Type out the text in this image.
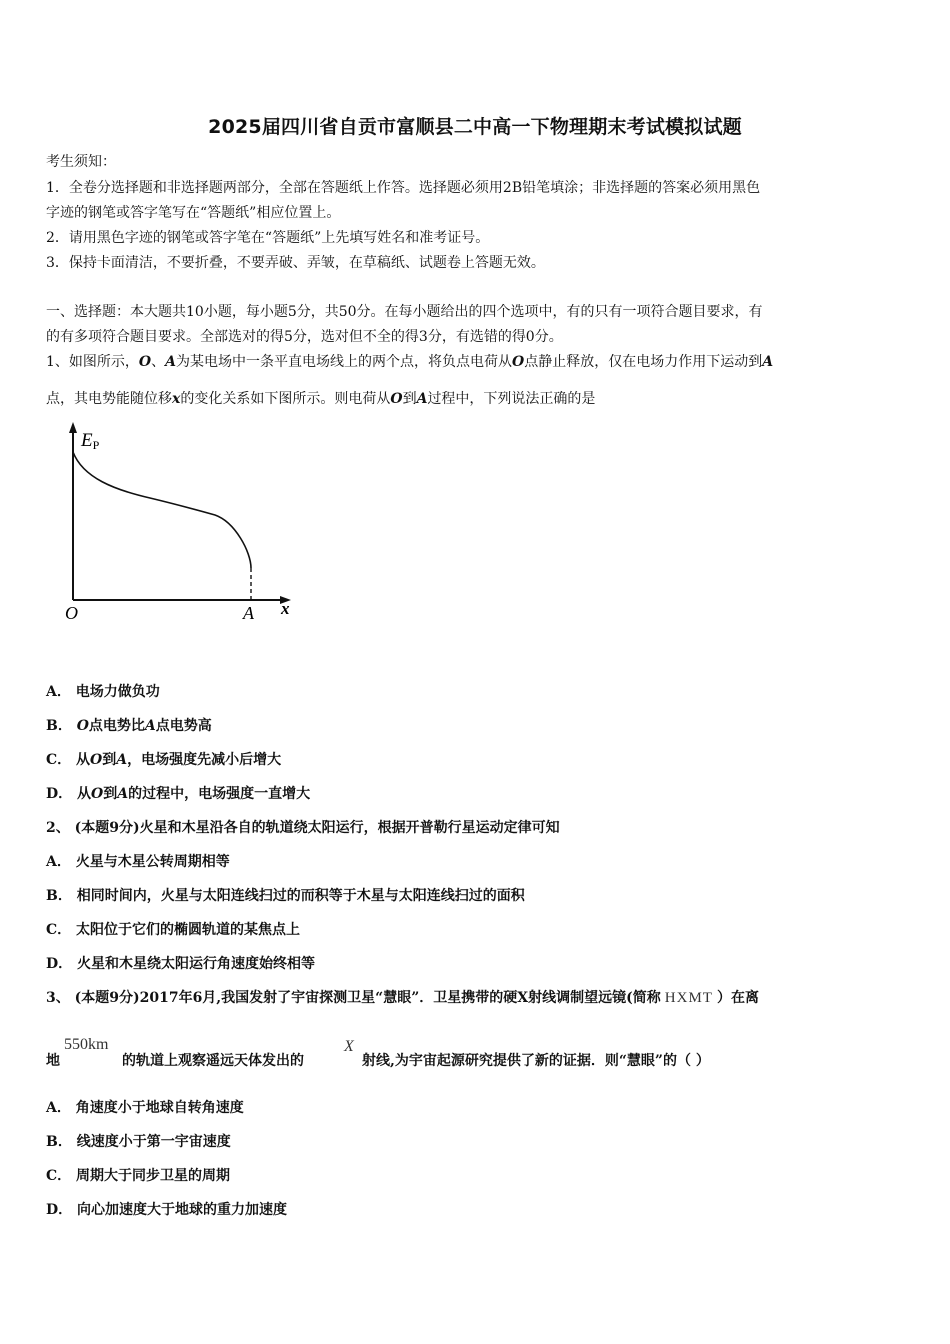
2025届四川省自贡市富顺县二中高一下物理期末考试模拟试题
考生须知：
1．全卷分选择题和非选择题两部分，全部在答题纸上作答。选择题必须用2B铅笔填涂；非选择题的答案必须用黑色
字迹的钢笔或答字笔写在“答题纸”相应位置上。
2．请用黑色字迹的钢笔或答字笔在“答题纸”上先填写姓名和准考证号。
3．保持卡面清洁，不要折叠，不要弄破、弄皱，在草稿纸、试题卷上答题无效。
一、选择题：本大题共10小题，每小题5分，共50分。在每小题给出的四个选项中，有的只有一项符合题目要求，有
的有多项符合题目要求。全部选对的得5分，选对但不全的得3分，有选错的得0分。
1、如图所示，O、A为某电场中一条平直电场线上的两个点，将负点电荷从O点静止释放，仅在电场力作用下运动到A
点，其电势能随位移x的变化关系如下图所示。则电荷从O到A过程中，下列说法正确的是
EP
O	A x
A． 电场力做负功
B． O点电势比A点电势高
C． 从O到A，电场强度先减小后增大
D． 从O到A的过程中，电场强度一直增大
2、 (本题9分)火星和木星沿各自的轨道绕太阳运行，根据开普勒行星运动定律可知
A． 火星与木星公转周期相等
B． 相同时间内，火星与太阳连线扫过的而积等于木星与太阳连线扫过的面积
C． 太阳位于它们的椭圆轨道的某焦点上
D． 火星和木星绕太阳运行角速度始终相等
3、 (本题9分)2017年6月,我国发射了宇宙探测卫星“慧眼”．卫星携带的硬X射线调制望远镜(简称 HXMT ）在离
地
550km
的轨道上观察遥远天体发出的
X
射线,为宇宙起源研究提供了新的证据．则“慧眼”的（ ）
A． 角速度小于地球自转角速度
B． 线速度小于第一宇宙速度
C． 周期大于同步卫星的周期
D． 向心加速度大于地球的重力加速度
